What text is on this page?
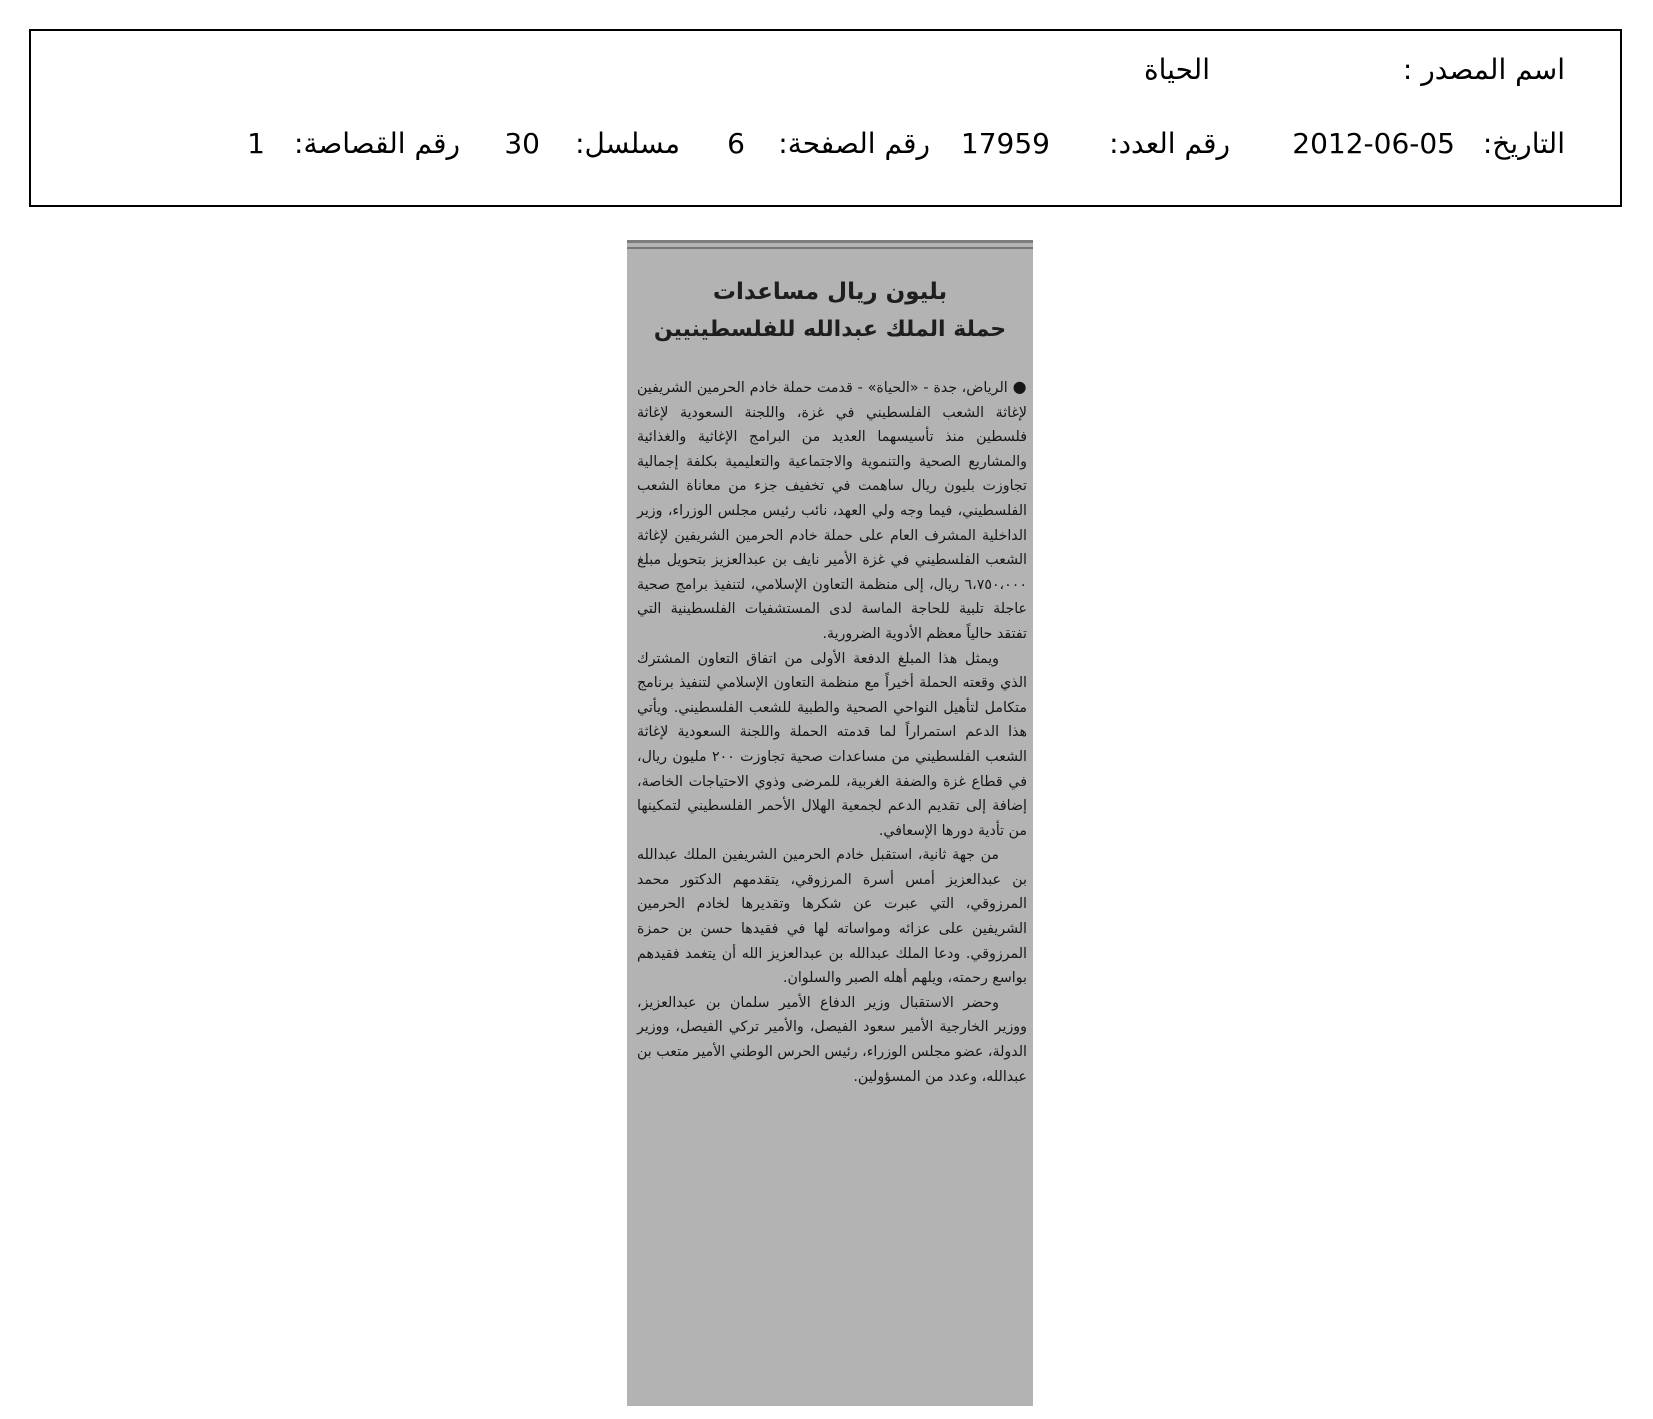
اسم المصدر :
الحياة
التاريخ:
2012-06-05
رقم العدد:
17959
رقم الصفحة:
6
مسلسل:
30
رقم القصاصة:
1
بليون ريال مساعدات
حملة الملك عبدالله للفلسطينيين

● الرياض، جدة - «الحياة» - قدمت حملة خادم الحرمين الشريفين لإغاثة الشعب الفلسطيني في غزة، واللجنة السعودية لإغاثة فلسطين منذ تأسيسهما العديد من البرامج الإغاثية والغذائية والمشاريع الصحية والتنموية والاجتماعية والتعليمية بكلفة إجمالية تجاوزت بليون ريال ساهمت في تخفيف جزء من معاناة الشعب الفلسطيني، فيما وجه ولي العهد، نائب رئيس مجلس الوزراء، وزير الداخلية المشرف العام على حملة خادم الحرمين الشريفين لإغاثة الشعب الفلسطيني في غزة الأمير نايف بن عبدالعزيز بتحويل مبلغ ٦،٧٥٠،٠٠٠ ريال، إلى منظمة التعاون الإسلامي، لتنفيذ برامج صحية عاجلة تلبية للحاجة الماسة لدى المستشفيات الفلسطينية التي تفتقد حالياً معظم الأدوية الضرورية.

ويمثل هذا المبلغ الدفعة الأولى من اتفاق التعاون المشترك الذي وقعته الحملة أخيراً مع منظمة التعاون الإسلامي لتنفيذ برنامج متكامل لتأهيل النواحي الصحية والطبية للشعب الفلسطيني. ويأتي هذا الدعم استمراراً لما قدمته الحملة واللجنة السعودية لإغاثة الشعب الفلسطيني من مساعدات صحية تجاوزت ٢٠٠ مليون ريال، في قطاع غزة والضفة الغربية، للمرضى وذوي الاحتياجات الخاصة، إضافة إلى تقديم الدعم لجمعية الهلال الأحمر الفلسطيني لتمكينها من تأدية دورها الإسعافي.

من جهة ثانية، استقبل خادم الحرمين الشريفين الملك عبدالله بن عبدالعزيز أمس أسرة المرزوقي، يتقدمهم الدكتور محمد المرزوقي، التي عبرت عن شكرها وتقديرها لخادم الحرمين الشريفين على عزائه ومواساته لها في فقيدها حسن بن حمزة المرزوقي. ودعا الملك عبدالله بن عبدالعزيز الله أن يتغمد فقيدهم بواسع رحمته، ويلهم أهله الصبر والسلوان.

وحضر الاستقبال وزير الدفاع الأمير سلمان بن عبدالعزيز، ووزير الخارجية الأمير سعود الفيصل، والأمير تركي الفيصل، ووزير الدولة، عضو مجلس الوزراء، رئيس الحرس الوطني الأمير متعب بن عبدالله، وعدد من المسؤولين.
